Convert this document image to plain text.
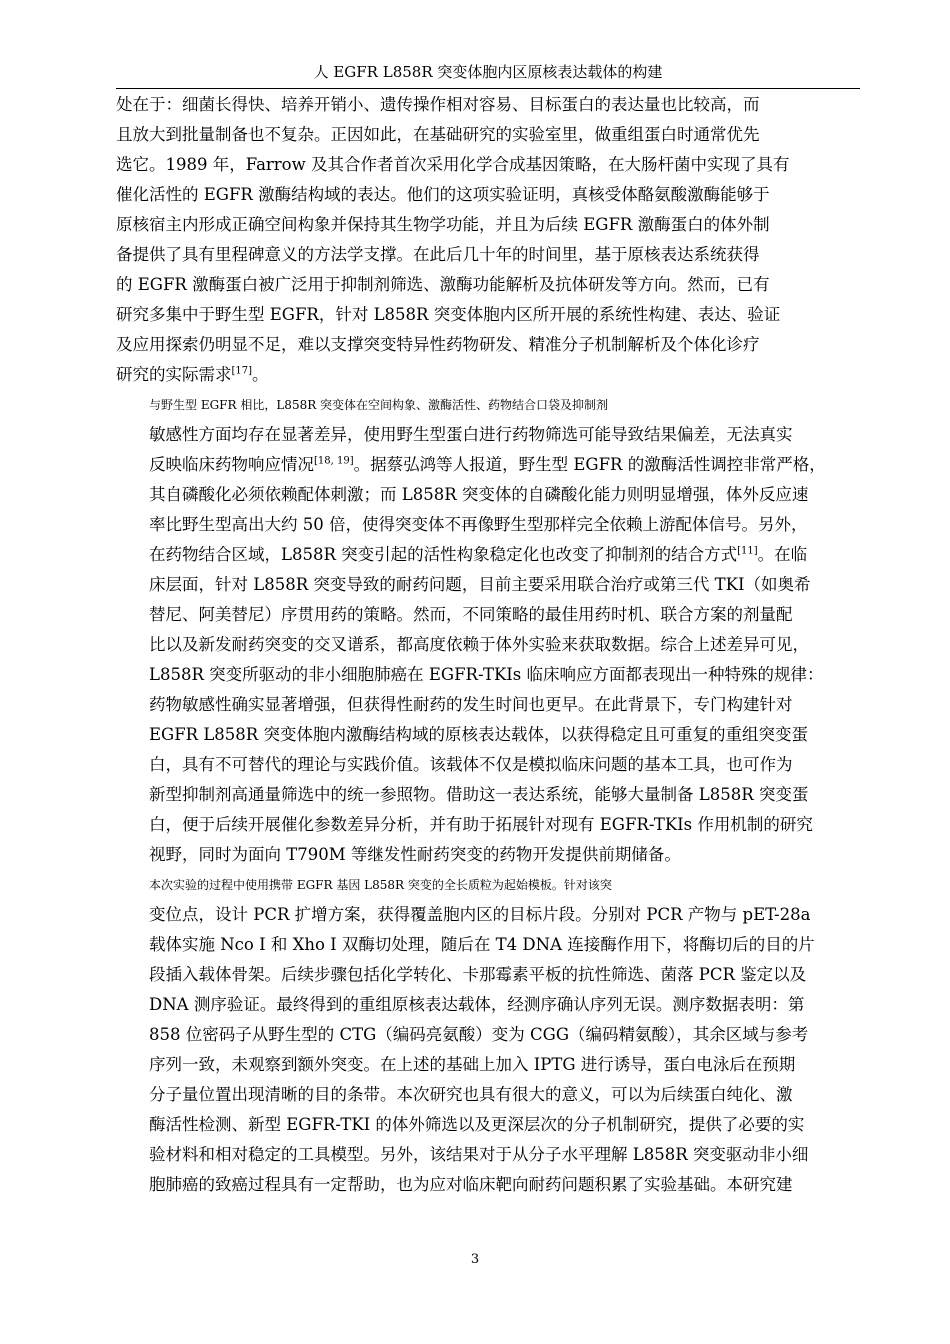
人 EGFR L858R 突变体胞内区原核表达载体的构建

处在于：细菌长得快、培养开销小、遗传操作相对容易、目标蛋白的表达量也比较高，而
且放大到批量制备也不复杂。正因如此，在基础研究的实验室里，做重组蛋白时通常优先
选它。1989 年，Farrow 及其合作者首次采用化学合成基因策略，在大肠杆菌中实现了具有
催化活性的 EGFR 激酶结构域的表达。他们的这项实验证明，真核受体酪氨酸激酶能够于
原核宿主内形成正确空间构象并保持其生物学功能，并且为后续 EGFR 激酶蛋白的体外制
备提供了具有里程碑意义的方法学支撑。在此后几十年的时间里，基于原核表达系统获得
的 EGFR 激酶蛋白被广泛用于抑制剂筛选、激酶功能解析及抗体研发等方向。然而，已有
研究多集中于野生型 EGFR，针对 L858R 突变体胞内区所开展的系统性构建、表达、验证
及应用探索仍明显不足，难以支撑突变特异性药物研发、精准分子机制解析及个体化诊疗
研究的实际需求[17]。

与野生型 EGFR 相比，L858R 突变体在空间构象、激酶活性、药物结合口袋及抑制剂
敏感性方面均存在显著差异，使用野生型蛋白进行药物筛选可能导致结果偏差，无法真实
反映临床药物响应情况[18, 19]。据蔡弘鸿等人报道，野生型 EGFR 的激酶活性调控非常严格，
其自磷酸化必须依赖配体刺激；而 L858R 突变体的自磷酸化能力则明显增强，体外反应速
率比野生型高出大约 50 倍，使得突变体不再像野生型那样完全依赖上游配体信号。另外，
在药物结合区域，L858R 突变引起的活性构象稳定化也改变了抑制剂的结合方式[11]。在临
床层面，针对 L858R 突变导致的耐药问题，目前主要采用联合治疗或第三代 TKI（如奥希
替尼、阿美替尼）序贯用药的策略。然而，不同策略的最佳用药时机、联合方案的剂量配
比以及新发耐药突变的交叉谱系，都高度依赖于体外实验来获取数据。综合上述差异可见，
L858R 突变所驱动的非小细胞肺癌在 EGFR-TKIs 临床响应方面都表现出一种特殊的规律：
药物敏感性确实显著增强，但获得性耐药的发生时间也更早。在此背景下，专门构建针对
EGFR L858R 突变体胞内激酶结构域的原核表达载体，以获得稳定且可重复的重组突变蛋
白，具有不可替代的理论与实践价值。该载体不仅是模拟临床问题的基本工具，也可作为
新型抑制剂高通量筛选中的统一参照物。借助这一表达系统，能够大量制备 L858R 突变蛋
白，便于后续开展催化参数差异分析，并有助于拓展针对现有 EGFR-TKIs 作用机制的研究
视野，同时为面向 T790M 等继发性耐药突变的药物开发提供前期储备。

本次实验的过程中使用携带 EGFR 基因 L858R 突变的全长质粒为起始模板。针对该突
变位点，设计 PCR 扩增方案，获得覆盖胞内区的目标片段。分别对 PCR 产物与 pET-28a
载体实施 Nco I 和 Xho I 双酶切处理，随后在 T4 DNA 连接酶作用下，将酶切后的目的片
段插入载体骨架。后续步骤包括化学转化、卡那霉素平板的抗性筛选、菌落 PCR 鉴定以及
DNA 测序验证。最终得到的重组原核表达载体，经测序确认序列无误。测序数据表明：第
858 位密码子从野生型的 CTG（编码亮氨酸）变为 CGG（编码精氨酸），其余区域与参考
序列一致，未观察到额外突变。在上述的基础上加入 IPTG 进行诱导，蛋白电泳后在预期
分子量位置出现清晰的目的条带。本次研究也具有很大的意义，可以为后续蛋白纯化、激
酶活性检测、新型 EGFR-TKI 的体外筛选以及更深层次的分子机制研究，提供了必要的实
验材料和相对稳定的工具模型。另外，该结果对于从分子水平理解 L858R 突变驱动非小细
胞肺癌的致癌过程具有一定帮助，也为应对临床靶向耐药问题积累了实验基础。本研究建

3
